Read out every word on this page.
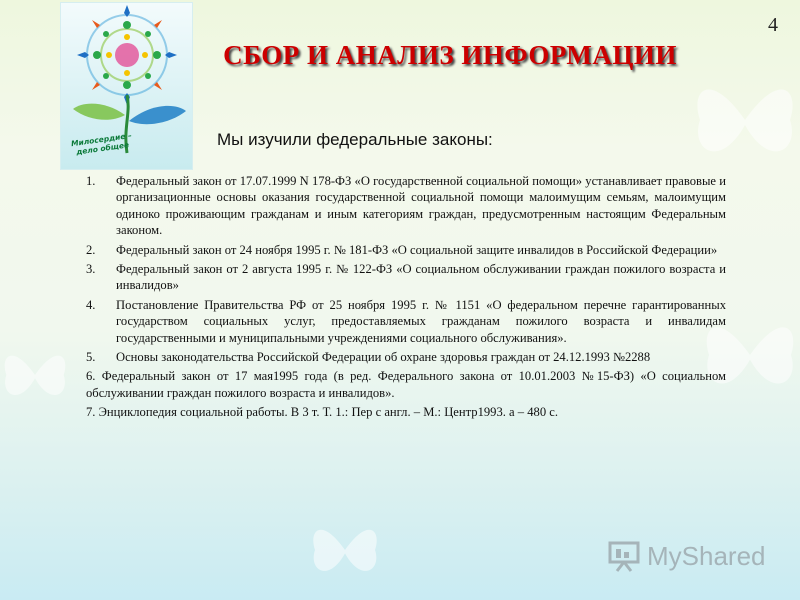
Милосердие – дело общее
4
СБОР И АНАЛИЗ ИНФОРМАЦИИ
Мы изучили федеральные законы:
1. Федеральный закон от 17.07.1999 N 178-ФЗ «О государственной социальной помощи» устанавливает правовые и организационные основы оказания государственной социальной помощи малоимущим семьям, малоимущим одиноко проживающим гражданам и иным категориям граждан, предусмотренным настоящим Федеральным законом.
2. Федеральный закон от 24 ноября 1995 г. № 181-ФЗ «О социальной защите инвалидов в Российской Федерации»
3. Федеральный закон от 2 августа 1995 г. № 122-ФЗ «О социальном обслуживании граждан пожилого возраста и инвалидов»
4. Постановление Правительства РФ от 25 ноября 1995 г. № 1151 «О федеральном перечне гарантированных государством социальных услуг, предоставляемых гражданам пожилого возраста и инвалидам государственными и муниципальными учреждениями социального обслуживания».
5. Основы законодательства Российской Федерации об охране здоровья граждан от 24.12.1993 №2288
6. Федеральный закон от 17 мая1995 года (в ред. Федерального закона от 10.01.2003 №15-ФЗ) «О социальном обслуживании граждан пожилого возраста и инвалидов».
7. Энциклопедия социальной работы. В 3 т. Т. 1.: Пер с англ. – М.: Центр1993. а – 480 с.
MyShared
